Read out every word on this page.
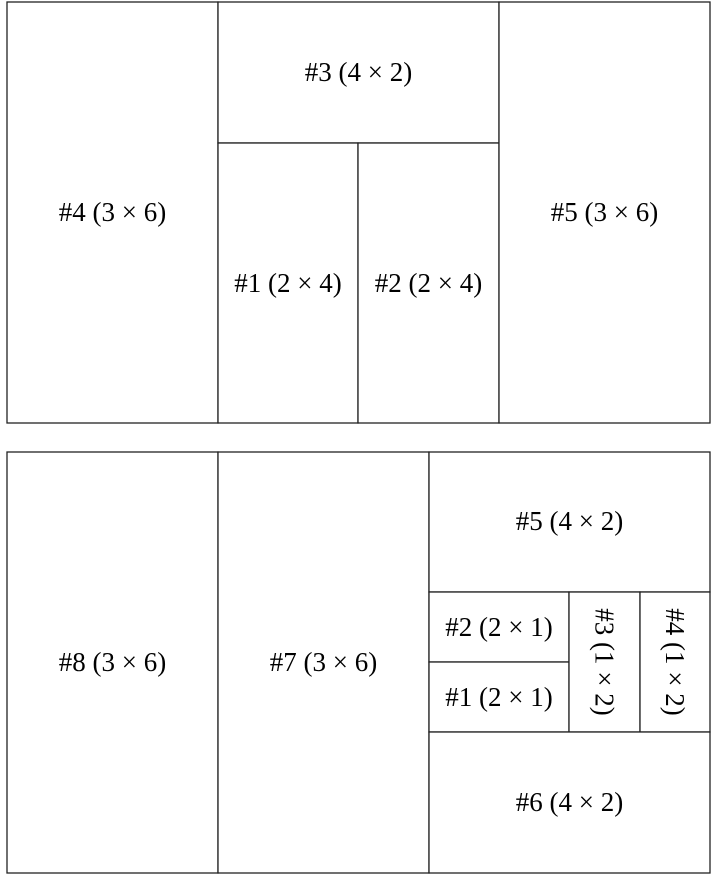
#4 (3 × 6)
#3 (4 × 2)
#1 (2 × 4) #2 (2 × 4)
#5 (3 × 6)
#8 (3 × 6)	#7 (3 × 6)
#5 (4 × 2)
#2 (2 × 1)
#1 (2 × 1) #3 (1 × 2) #4 (1 × 2)
#6 (4 × 2)
